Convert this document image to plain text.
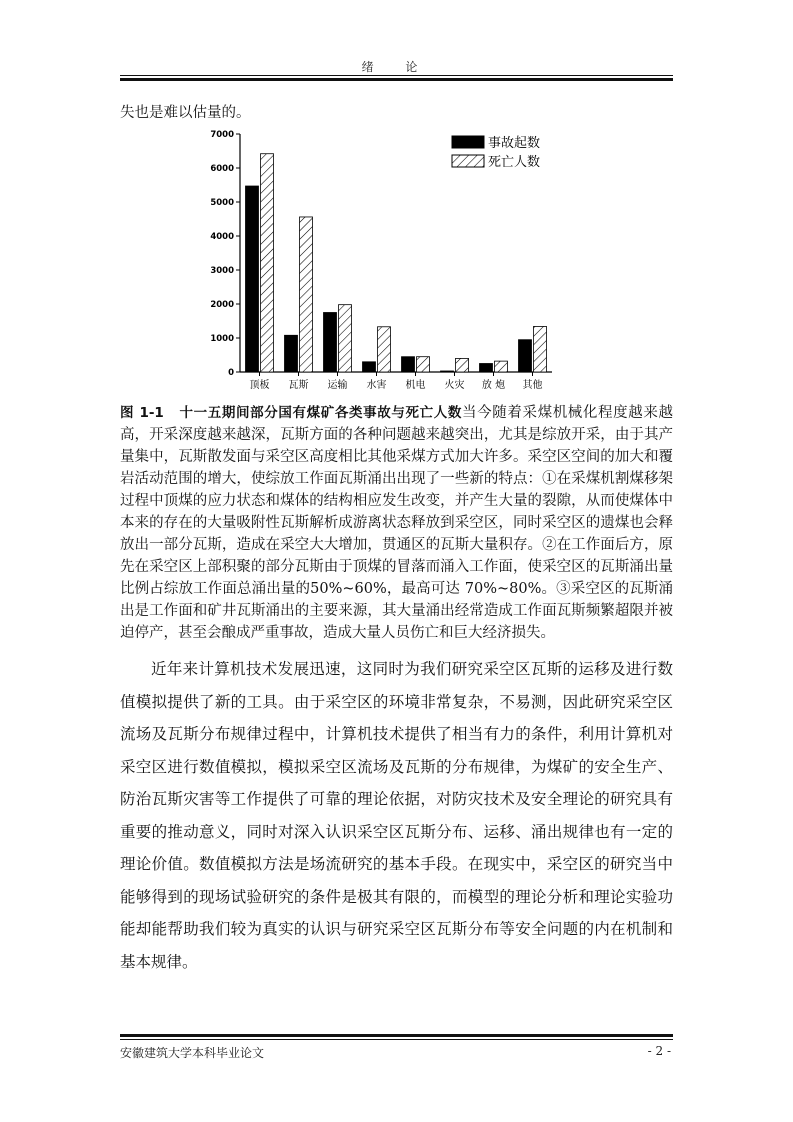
绪 论
失也是难以估量的。
0
1000
2000
3000
4000
5000
6000
7000
顶板 瓦斯 运输 水害 机电 火灾 放 炮 其他
事故起数
死亡人数
图 1-1 十一五期间部分国有煤矿各类事故与死亡人数当今随着采煤机械化程度越来越高，开采深度越来越深，瓦斯方面的各种问题越来越突出，尤其是综放开采，由于其产量集中，瓦斯散发面与采空区高度相比其他采煤方式加大许多。采空区空间的加大和覆岩活动范围的增大，使综放工作面瓦斯涌出出现了一些新的特点：①在采煤机割煤移架过程中顶煤的应力状态和煤体的结构相应发生改变，并产生大量的裂隙，从而使煤体中本来的存在的大量吸附性瓦斯解析成游离状态释放到采空区，同时采空区的遗煤也会释放出一部分瓦斯，造成在采空大大增加，贯通区的瓦斯大量积存。②在工作面后方，原先在采空区上部积聚的部分瓦斯由于顶煤的冒落而涌入工作面，使采空区的瓦斯涌出量比例占综放工作面总涌出量的50%~60%，最高可达 70%~80%。③采空区的瓦斯涌出是工作面和矿井瓦斯涌出的主要来源，其大量涌出经常造成工作面瓦斯频繁超限并被迫停产，甚至会酿成严重事故，造成大量人员伤亡和巨大经济损失。
近年来计算机技术发展迅速，这同时为我们研究采空区瓦斯的运移及进行数值模拟提供了新的工具。由于采空区的环境非常复杂，不易测，因此研究采空区流场及瓦斯分布规律过程中，计算机技术提供了相当有力的条件，利用计算机对采空区进行数值模拟，模拟采空区流场及瓦斯的分布规律，为煤矿的安全生产、防治瓦斯灾害等工作提供了可靠的理论依据，对防灾技术及安全理论的研究具有重要的推动意义，同时对深入认识采空区瓦斯分布、运移、涌出规律也有一定的理论价值。数值模拟方法是场流研究的基本手段。在现实中，采空区的研究当中能够得到的现场试验研究的条件是极其有限的，而模型的理论分析和理论实验功能却能帮助我们较为真实的认识与研究采空区瓦斯分布等安全问题的内在机制和基本规律。
安徽建筑大学本科毕业论文	- 2 -
